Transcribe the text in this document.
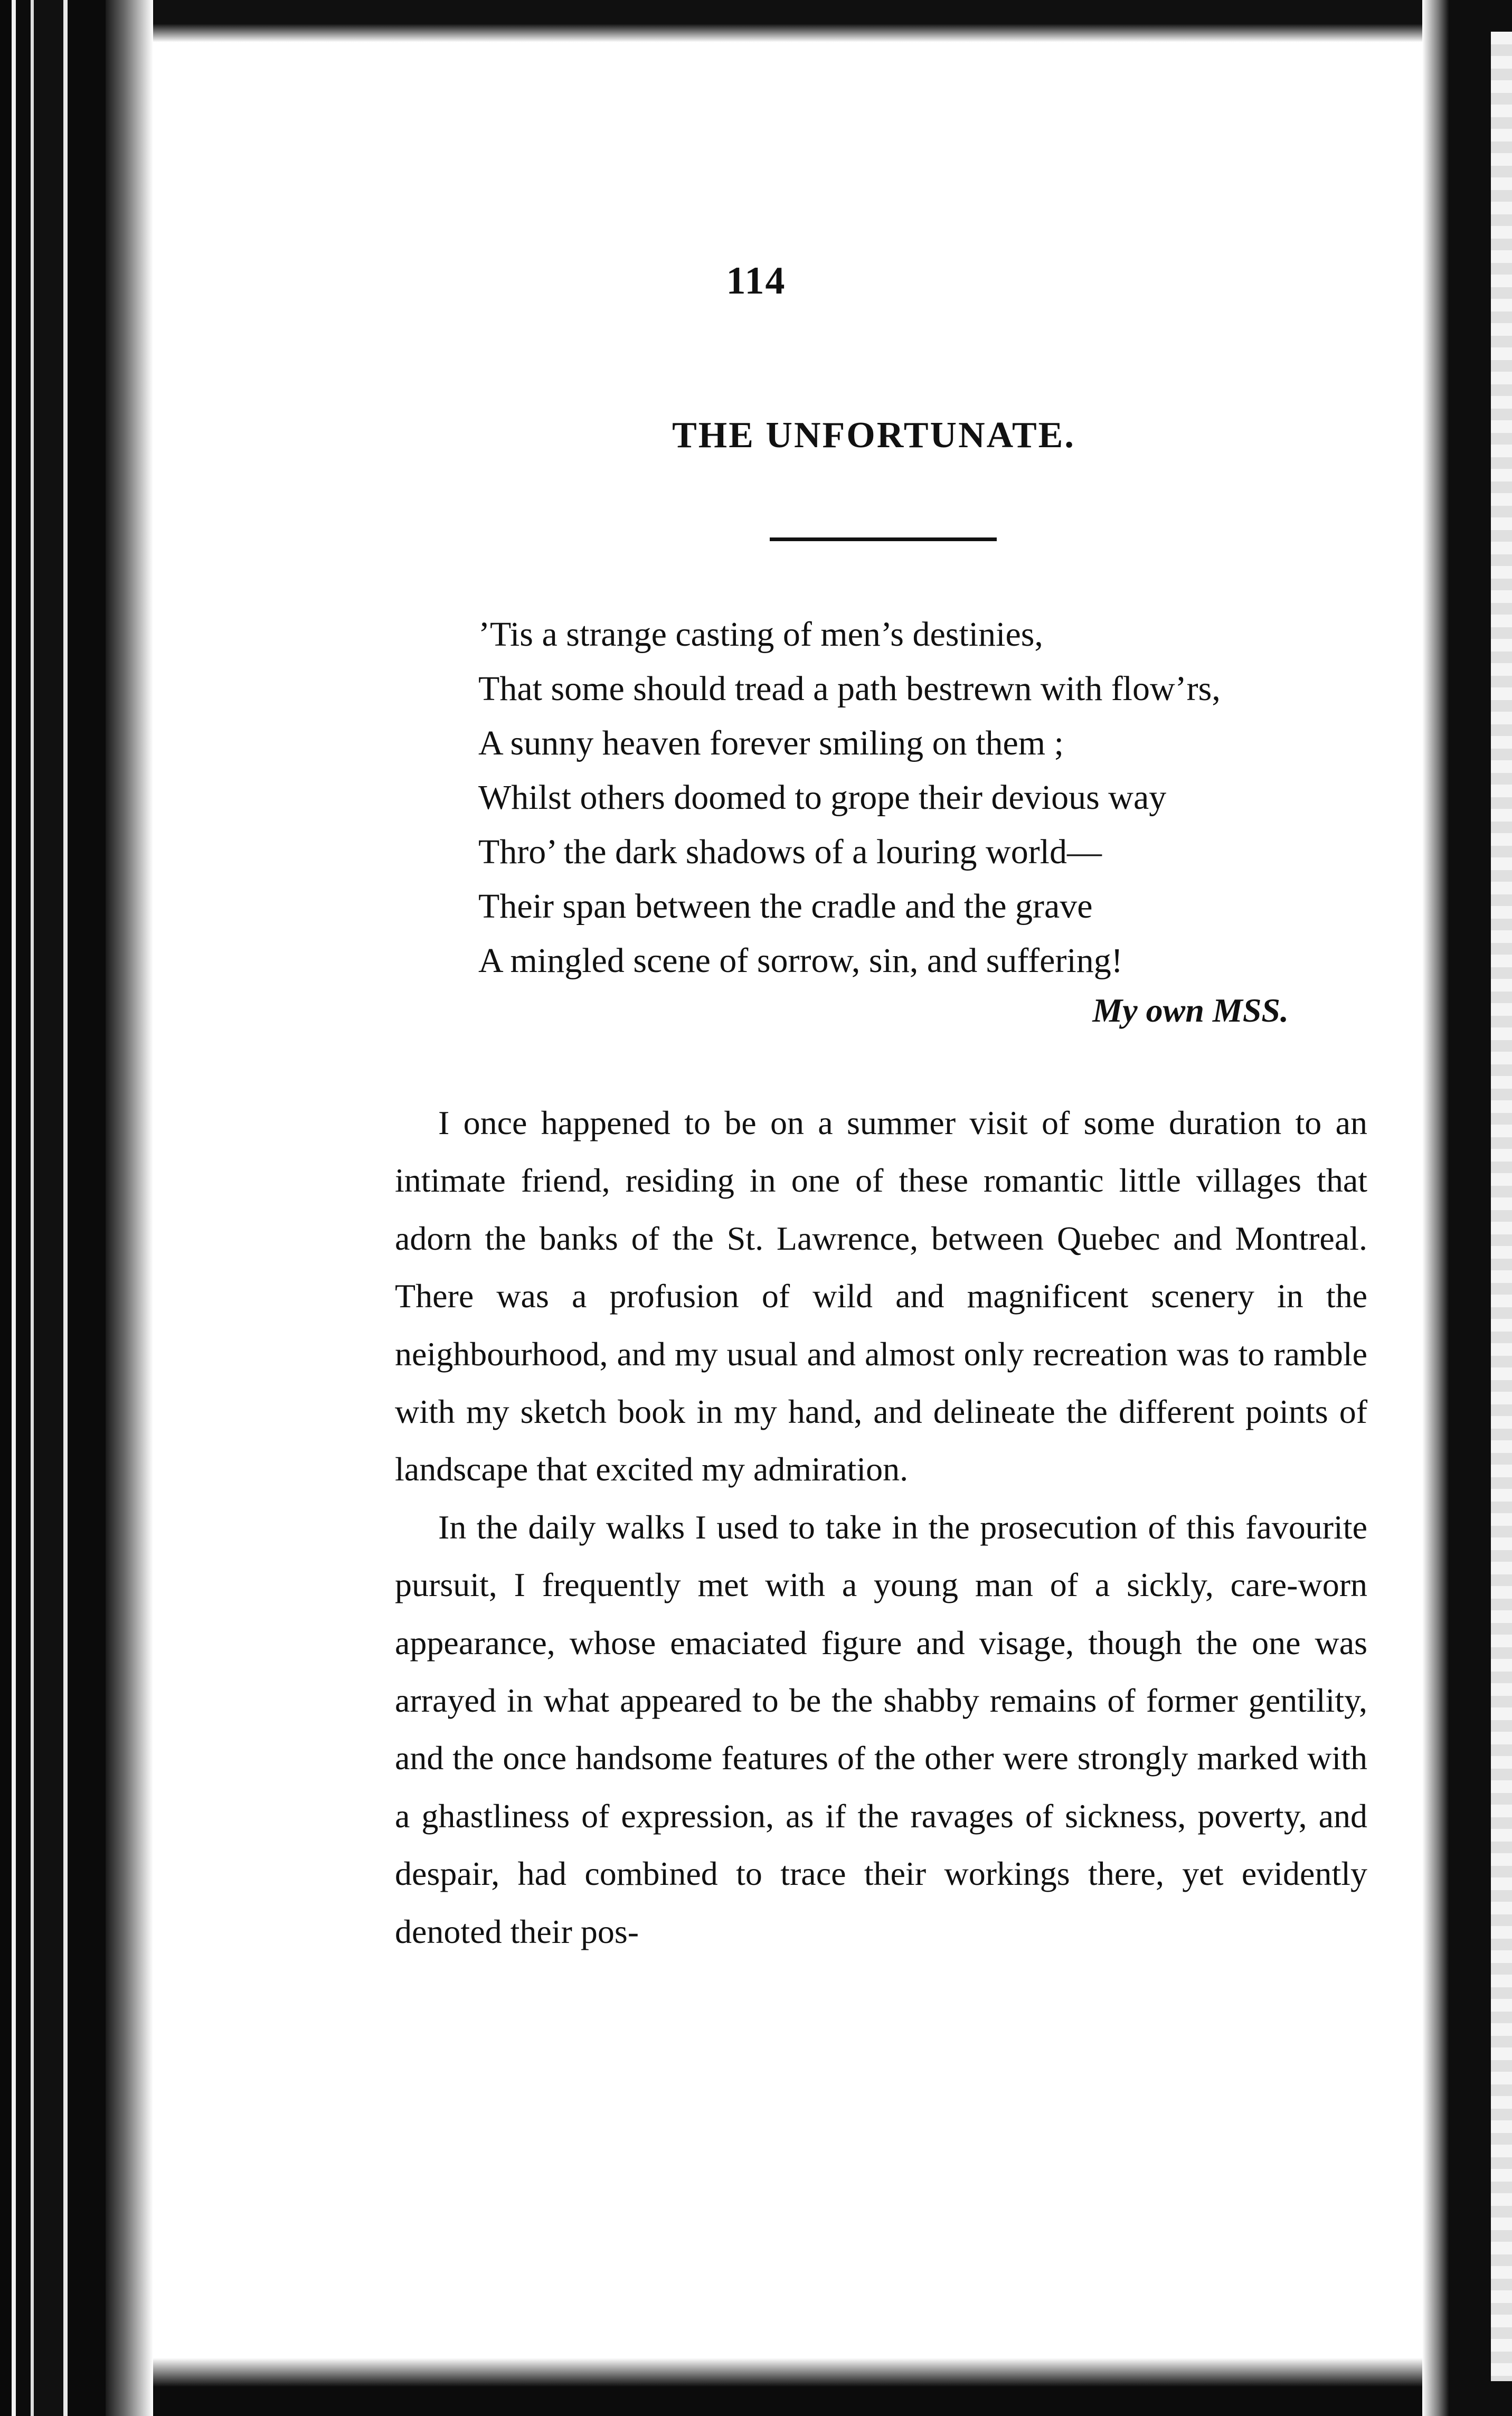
114
THE UNFORTUNATE.
’Tis a strange casting of men’s destinies,
That some should tread a path bestrewn with flow’rs,
A sunny heaven forever smiling on them ;
Whilst others doomed to grope their devious way
Thro’ the dark shadows of a louring world—
Their span between the cradle and the grave
A mingled scene of sorrow, sin, and suffering!
My own MSS.

I once happened to be on a summer visit of some duration to an intimate friend, residing in one of these romantic little villages that adorn the banks of the St. Lawrence, between Quebec and Montreal. There was a profusion of wild and magnificent scenery in the neighbourhood, and my usual and almost only recreation was to ramble with my sketch book in my hand, and delineate the different points of landscape that excited my admiration.

In the daily walks I used to take in the prosecution of this favourite pursuit, I frequently met with a young man of a sickly, care-worn appearance, whose emaciated figure and visage, though the one was arrayed in what appeared to be the shabby remains of former gentility, and the once handsome features of the other were strongly marked with a ghastliness of expression, as if the ravages of sickness, poverty, and despair, had combined to trace their workings there, yet evidently denoted their pos-
